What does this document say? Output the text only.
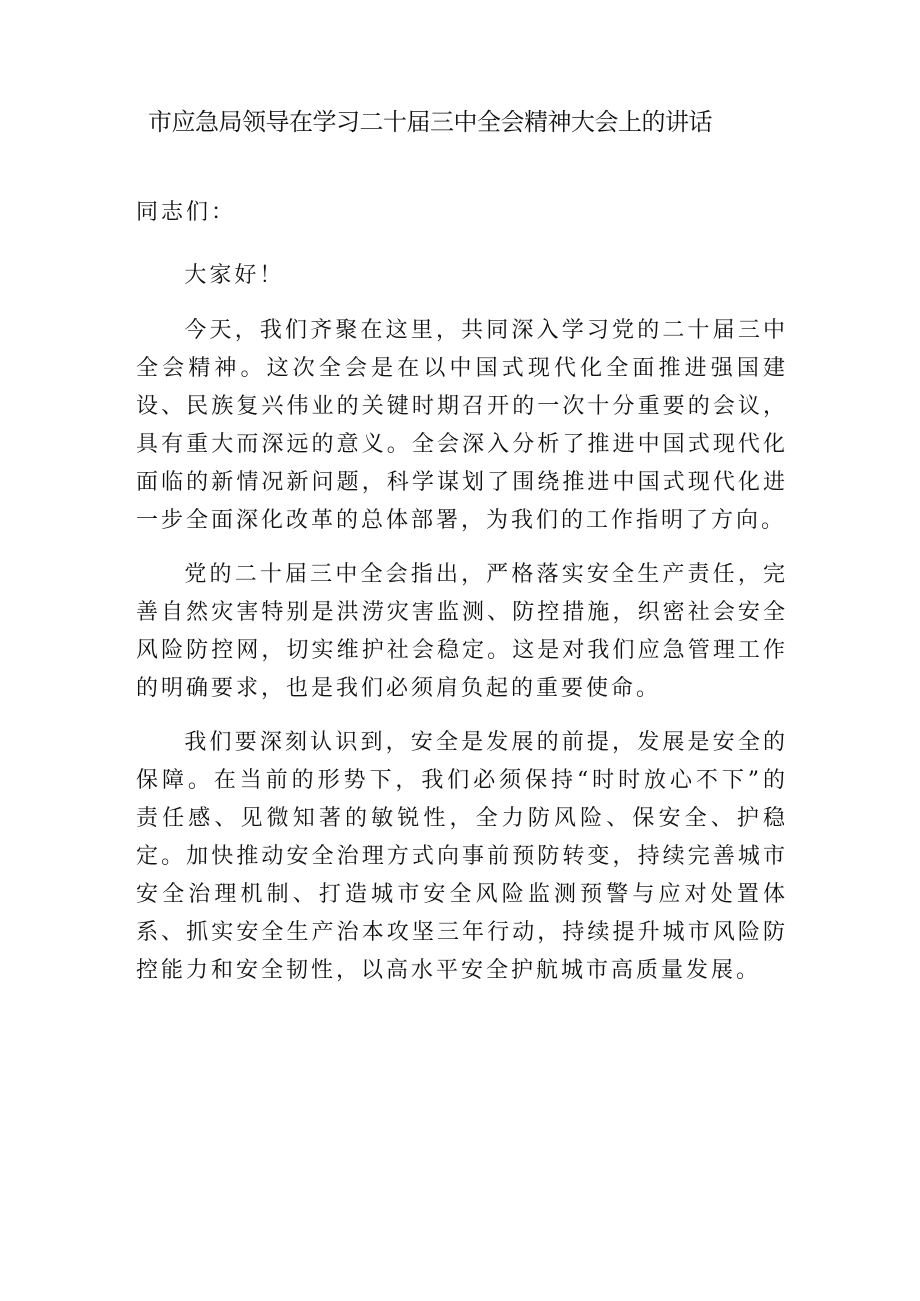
市应急局领导在学习二十届三中全会精神大会上的讲话

同志们：

大家好！

今天，我们齐聚在这里，共同深入学习党的二十届三中全会精神。这次全会是在以中国式现代化全面推进强国建设、民族复兴伟业的关键时期召开的一次十分重要的会议，具有重大而深远的意义。全会深入分析了推进中国式现代化面临的新情况新问题，科学谋划了围绕推进中国式现代化进一步全面深化改革的总体部署，为我们的工作指明了方向。

党的二十届三中全会指出，严格落实安全生产责任，完善自然灾害特别是洪涝灾害监测、防控措施，织密社会安全风险防控网，切实维护社会稳定。这是对我们应急管理工作的明确要求，也是我们必须肩负起的重要使命。

我们要深刻认识到，安全是发展的前提，发展是安全的保障。在当前的形势下，我们必须保持“时时放心不下”的责任感、见微知著的敏锐性，全力防风险、保安全、护稳定。加快推动安全治理方式向事前预防转变，持续完善城市安全治理机制、打造城市安全风险监测预警与应对处置体系、抓实安全生产治本攻坚三年行动，持续提升城市风险防控能力和安全韧性，以高水平安全护航城市高质量发展。
